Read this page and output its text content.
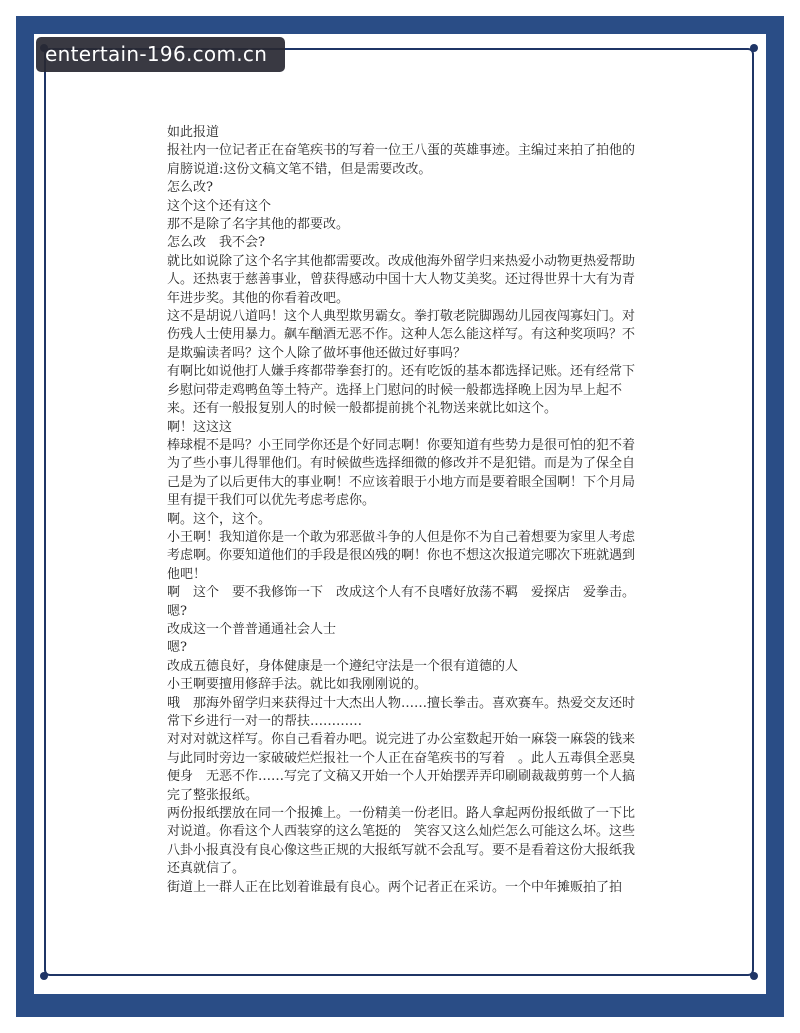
entertain-196.com.cn

如此报道

报社内一位记者正在奋笔疾书的写着一位王八蛋的英雄事迹。主编过来拍了拍他的肩膀说道:这份文稿文笔不错，但是需要改改。

怎么改?

这个这个还有这个

那不是除了名字其他的都要改。

怎么改　我不会?

就比如说除了这个名字其他都需要改。改成他海外留学归来热爱小动物更热爱帮助人。还热衷于慈善事业，曾获得感动中国十大人物艾美奖。还过得世界十大有为青年进步奖。其他的你看着改吧。

这不是胡说八道吗！这个人典型欺男霸女。拳打敬老院脚踢幼儿园夜闯寡妇门。对伤残人士使用暴力。飙车酗酒无恶不作。这种人怎么能这样写。有这种奖项吗？不是欺骗读者吗？这个人除了做坏事他还做过好事吗？

有啊比如说他打人嫌手疼都带拳套打的。还有吃饭的基本都选择记账。还有经常下乡慰问带走鸡鸭鱼等土特产。选择上门慰问的时候一般都选择晚上因为早上起不来。还有一般报复别人的时候一般都提前挑个礼物送来就比如这个。

啊！这这这

棒球棍不是吗？小王同学你还是个好同志啊！你要知道有些势力是很可怕的犯不着为了些小事儿得罪他们。有时候做些选择细微的修改并不是犯错。而是为了保全自己是为了以后更伟大的事业啊！不应该着眼于小地方而是要着眼全国啊！下个月局里有提干我们可以优先考虑考虑你。

啊。这个，这个。

小王啊！我知道你是一个敢为邪恶做斗争的人但是你不为自己着想要为家里人考虑考虑啊。你要知道他们的手段是很凶残的啊！你也不想这次报道完哪次下班就遇到他吧！

啊　这个　要不我修饰一下　改成这个人有不良嗜好放荡不羁　爱探店　爱拳击。

嗯?

改成这一个普普通通社会人士

嗯?

改成五德良好，身体健康是一个遵纪守法是一个很有道德的人

小王啊要擅用修辞手法。就比如我刚刚说的。

哦　那海外留学归来获得过十大杰出人物……擅长拳击。喜欢赛车。热爱交友还时常下乡进行一对一的帮扶…………

对对对就这样写。你自己看着办吧。说完进了办公室数起开始一麻袋一麻袋的钱来

与此同时旁边一家破破烂烂报社一个人正在奋笔疾书的写着　。此人五毒俱全恶臭便身　无恶不作……写完了文稿又开始一个人开始摆弄弄印刷刷裁裁剪剪一个人搞完了整张报纸。

两份报纸摆放在同一个报摊上。一份精美一份老旧。路人拿起两份报纸做了一下比对说道。你看这个人西装穿的这么笔挺的　笑容又这么灿烂怎么可能这么坏。这些八卦小报真没有良心像这些正规的大报纸写就不会乱写。要不是看着这份大报纸我还真就信了。

街道上一群人正在比划着谁最有良心。两个记者正在采访。一个中年摊贩拍了拍
